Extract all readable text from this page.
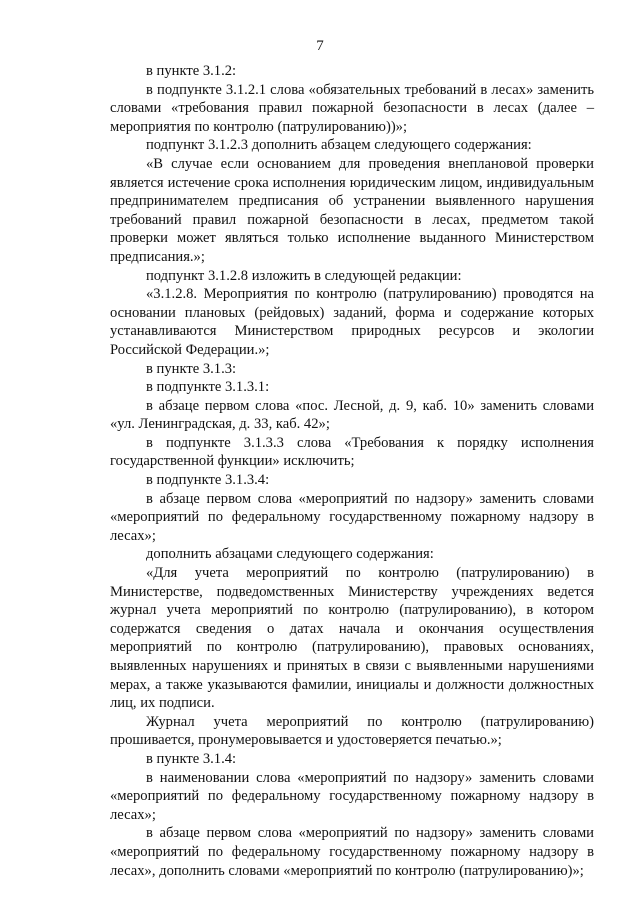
7

в пункте 3.1.2:

в подпункте 3.1.2.1 слова «обязательных требований в лесах» заменить словами «требования правил пожарной безопасности в лесах (далее – мероприятия по контролю (патрулированию))»;

подпункт 3.1.2.3 дополнить абзацем следующего содержания:

«В случае если основанием для проведения внеплановой проверки является истечение срока исполнения юридическим лицом, индивидуальным предпринимателем предписания об устранении выявленного нарушения требований правил пожарной безопасности в лесах, предметом такой проверки может являться только исполнение выданного Министерством предписания.»;

подпункт 3.1.2.8 изложить в следующей редакции:

«3.1.2.8. Мероприятия по контролю (патрулированию) проводятся на основании плановых (рейдовых) заданий, форма и содержание которых устанавливаются Министерством природных ресурсов и экологии Российской Федерации.»;

в пункте 3.1.3:

в подпункте 3.1.3.1:

в абзаце первом слова «пос. Лесной, д. 9, каб. 10» заменить словами «ул. Ленинградская, д. 33, каб. 42»;

в подпункте 3.1.3.3 слова «Требования к порядку исполнения государственной функции» исключить;

в подпункте 3.1.3.4:

в абзаце первом слова «мероприятий по надзору» заменить словами «мероприятий по федеральному государственному пожарному надзору в лесах»;

дополнить абзацами следующего содержания:

«Для учета мероприятий по контролю (патрулированию) в Министерстве, подведомственных Министерству учреждениях ведется журнал учета мероприятий по контролю (патрулированию), в котором содержатся сведения о датах начала и окончания осуществления мероприятий по контролю (патрулированию), правовых основаниях, выявленных нарушениях и принятых в связи с выявленными нарушениями мерах, а также указываются фамилии, инициалы и должности должностных лиц, их подписи.

Журнал учета мероприятий по контролю (патрулированию) прошивается, пронумеровывается и удостоверяется печатью.»;

в пункте 3.1.4:

в наименовании слова «мероприятий по надзору» заменить словами «мероприятий по федеральному государственному пожарному надзору в лесах»;

в абзаце первом слова «мероприятий по надзору» заменить словами «мероприятий по федеральному государственному пожарному надзору в лесах», дополнить словами «мероприятий по контролю (патрулированию)»;
